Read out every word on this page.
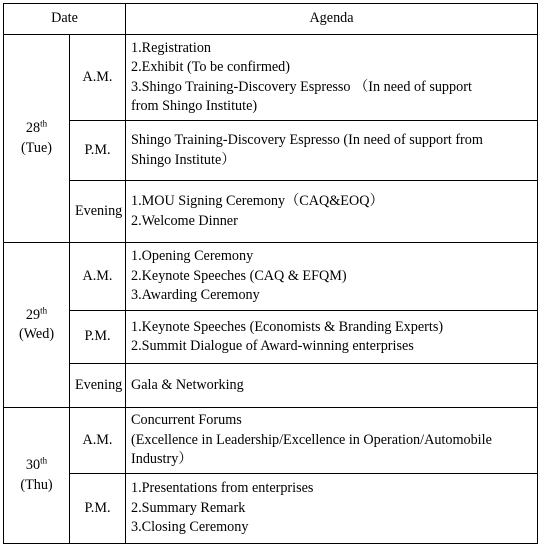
Date		Agenda
28th
(Tue)	A.M.	1.Registration
2.Exhibit (To be confirmed)
3.Shingo Training-Discovery Espresso （In need of support
from Shingo Institute)

	P.M.	Shingo Training-Discovery Espresso (In need of support from
Shingo Institute）

	Evening	1.MOU Signing Ceremony（CAQ&EOQ）
2.Welcome Dinner

29th
(Wed)	A.M.	1.Opening Ceremony
2.Keynote Speeches (CAQ & EFQM)
3.Awarding Ceremony

	P.M.	1.Keynote Speeches (Economists & Branding Experts)
2.Summit Dialogue of Award-winning enterprises

	Evening	Gala & Networking

30th
(Thu)	A.M.	Concurrent Forums
(Excellence in Leadership/Excellence in Operation/Automobile
Industry）

	P.M.	1.Presentations from enterprises
2.Summary Remark
3.Closing Ceremony
